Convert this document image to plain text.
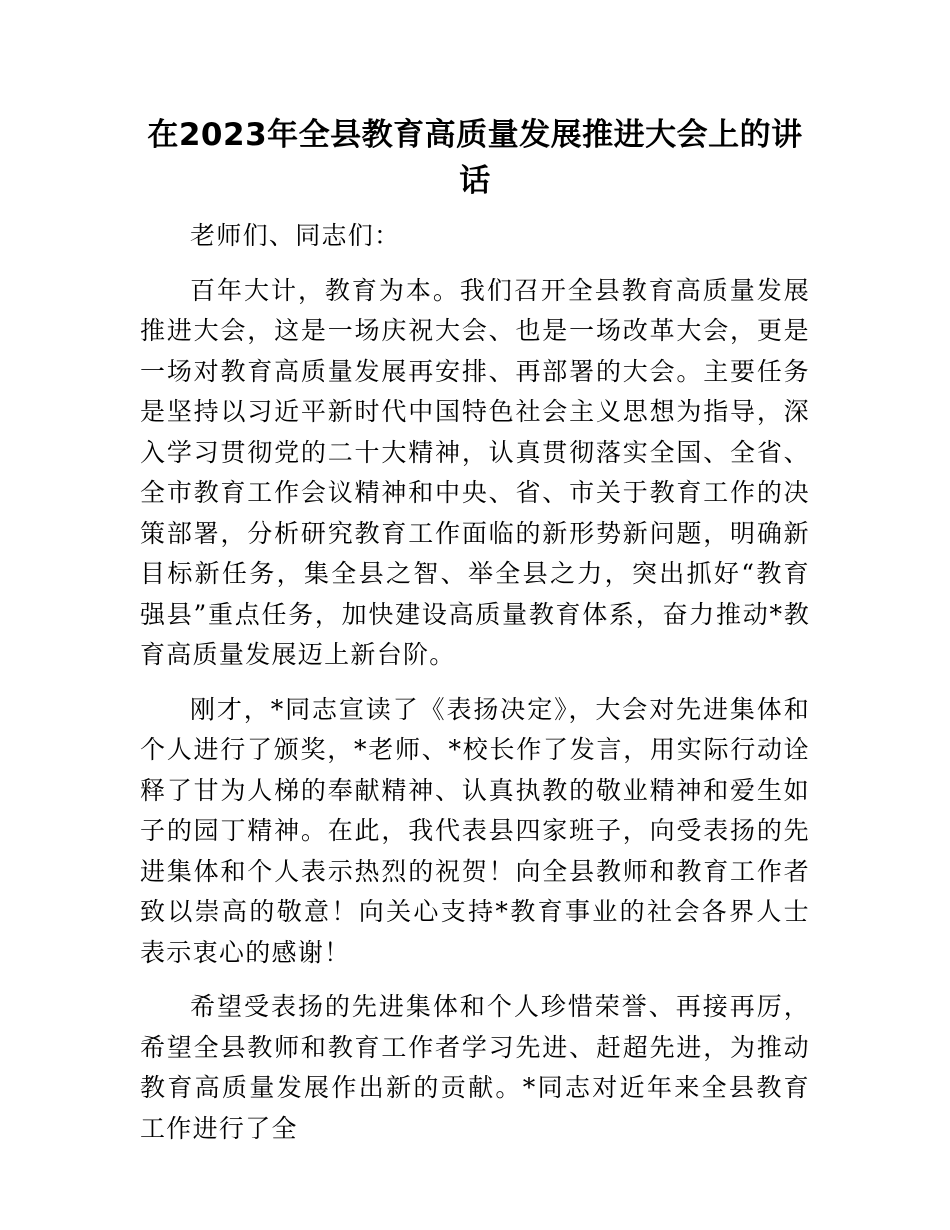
在2023年全县教育高质量发展推进大会上的讲话

老师们、同志们：

百年大计，教育为本。我们召开全县教育高质量发展推进大会，这是一场庆祝大会、也是一场改革大会，更是一场对教育高质量发展再安排、再部署的大会。主要任务是坚持以习近平新时代中国特色社会主义思想为指导，深入学习贯彻党的二十大精神，认真贯彻落实全国、全省、全市教育工作会议精神和中央、省、市关于教育工作的决策部署，分析研究教育工作面临的新形势新问题，明确新目标新任务，集全县之智、举全县之力，突出抓好“教育强县”重点任务，加快建设高质量教育体系，奋力推动*教育高质量发展迈上新台阶。

刚才，*同志宣读了《表扬决定》，大会对先进集体和个人进行了颁奖，*老师、*校长作了发言，用实际行动诠释了甘为人梯的奉献精神、认真执教的敬业精神和爱生如子的园丁精神。在此，我代表县四家班子，向受表扬的先进集体和个人表示热烈的祝贺！向全县教师和教育工作者致以崇高的敬意！向关心支持*教育事业的社会各界人士表示衷心的感谢！

希望受表扬的先进集体和个人珍惜荣誉、再接再厉，希望全县教师和教育工作者学习先进、赶超先进，为推动教育高质量发展作出新的贡献。*同志对近年来全县教育工作进行了全
